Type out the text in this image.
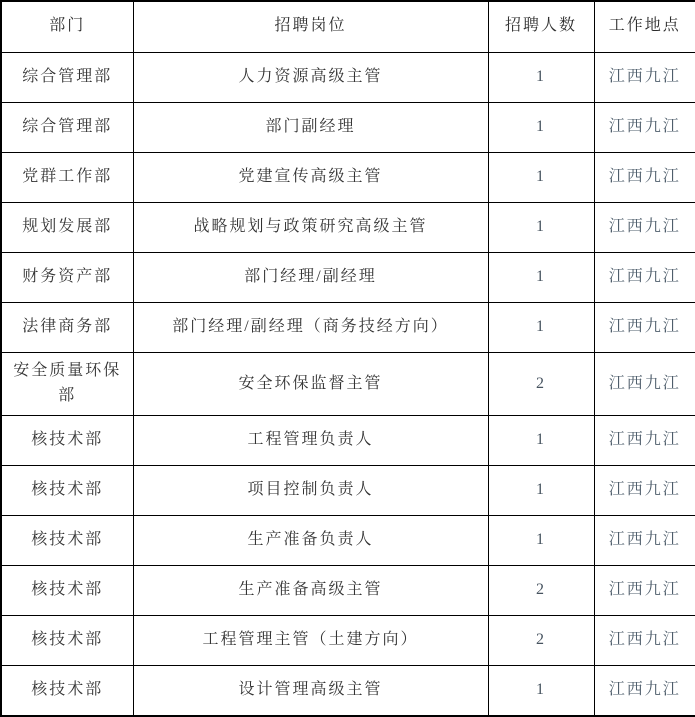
部门	招聘岗位	招聘人数	工作地点
综合管理部	人力资源高级主管	1	江西九江
综合管理部	部门副经理	1	江西九江
党群工作部	党建宣传高级主管	1	江西九江
规划发展部	战略规划与政策研究高级主管	1	江西九江
财务资产部	部门经理/副经理	1	江西九江
法律商务部	部门经理/副经理（商务技经方向）	1	江西九江
安全质量环保部	安全环保监督主管	2	江西九江
核技术部	工程管理负责人	1	江西九江
核技术部	项目控制负责人	1	江西九江
核技术部	生产准备负责人	1	江西九江
核技术部	生产准备高级主管	2	江西九江
核技术部	工程管理主管（土建方向）	2	江西九江
核技术部	设计管理高级主管	1	江西九江
